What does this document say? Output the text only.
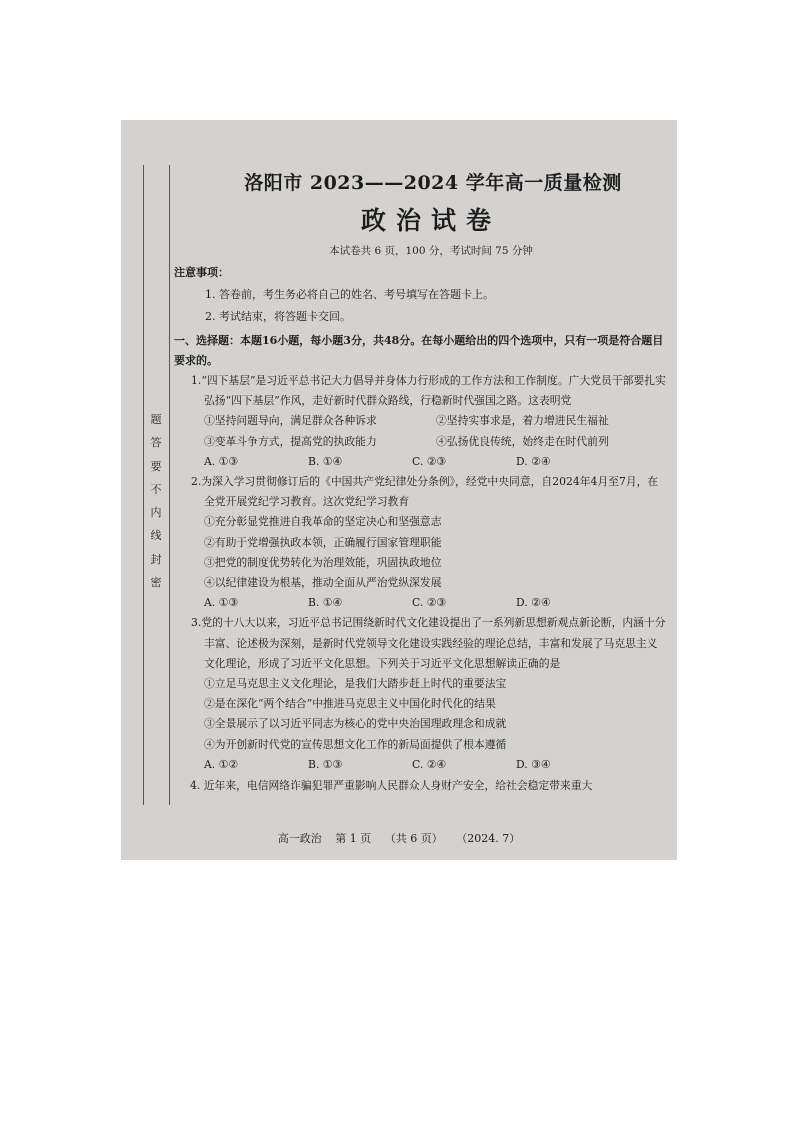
题
答
要
不
内
线
封
密
洛阳市 2023——2024 学年高一质量检测
政治试卷
本试卷共 6 页，100 分，考试时间 75 分钟
注意事项：
1. 答卷前，考生务必将自己的姓名、考号填写在答题卡上。
2. 考试结束，将答题卡交回。
一、选择题：本题16小题，每小题3分，共48分。在每小题给出的四个选项中，只有一项是符合题目要求的。
1.“四下基层”是习近平总书记大力倡导并身体力行形成的工作方法和工作制度。广大党员干部要扎实弘扬“四下基层”作风，走好新时代群众路线，行稳新时代强国之路。这表明党
①坚持问题导向，满足群众各种诉求	②坚持实事求是，着力增进民生福祉
③变革斗争方式，提高党的执政能力	④弘扬优良传统，始终走在时代前列
A. ①③	B. ①④	C. ②③	D. ②④
2.为深入学习贯彻修订后的《中国共产党纪律处分条例》，经党中央同意，自2024年4月至7月，在全党开展党纪学习教育。这次党纪学习教育
①充分彰显党推进自我革命的坚定决心和坚强意志
②有助于党增强执政本领，正确履行国家管理职能
③把党的制度优势转化为治理效能，巩固执政地位
④以纪律建设为根基，推动全面从严治党纵深发展
A. ①③	B. ①④	C. ②③	D. ②④
3.党的十八大以来，习近平总书记围绕新时代文化建设提出了一系列新思想新观点新论断，内涵十分丰富、论述极为深刻，是新时代党领导文化建设实践经验的理论总结，丰富和发展了马克思主义文化理论，形成了习近平文化思想。下列关于习近平文化思想解读正确的是
①立足马克思主义文化理论，是我们大踏步赶上时代的重要法宝
②是在深化“两个结合”中推进马克思主义中国化时代化的结果
③全景展示了以习近平同志为核心的党中央治国理政理念和成就
④为开创新时代党的宣传思想文化工作的新局面提供了根本遵循
A. ①②	B. ①③	C. ②④	D. ③④
4. 近年来，电信网络诈骗犯罪严重影响人民群众人身财产安全，给社会稳定带来重大
高一政治 第 1 页 （共 6 页） （2024. 7）
